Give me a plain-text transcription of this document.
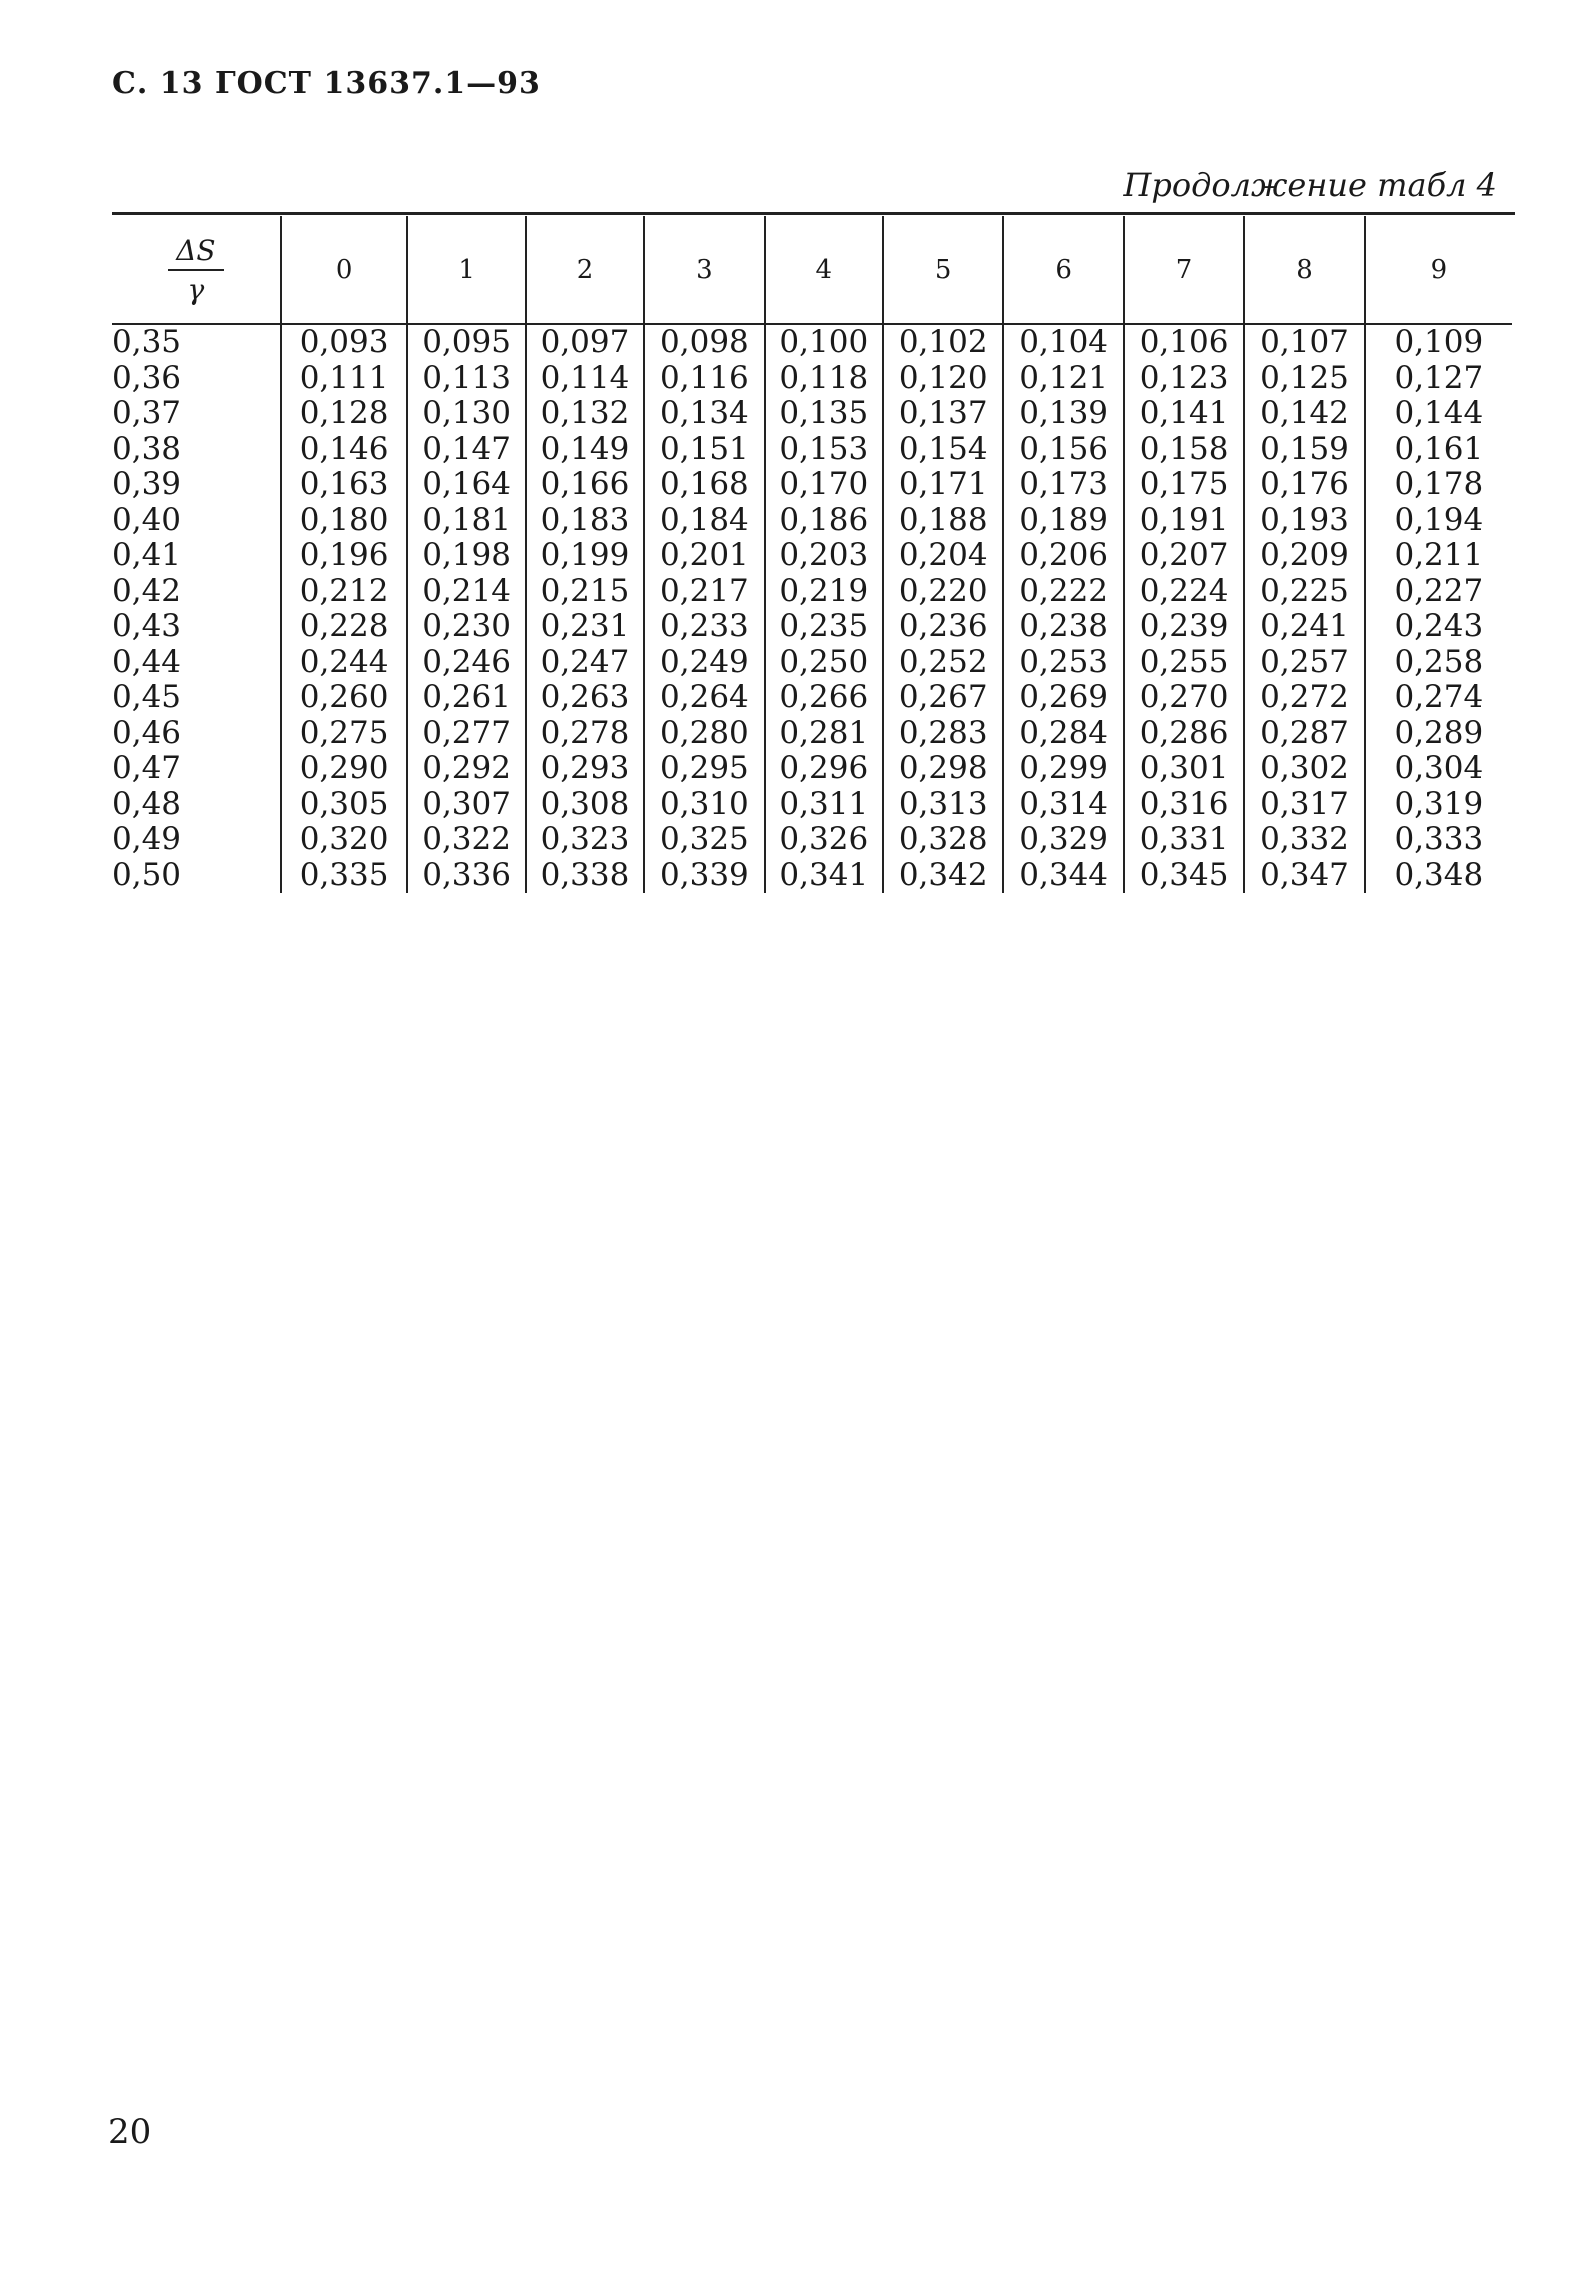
С. 13 ГОСТ 13637.1—93
Продолжение табл 4
$\frac{\Delta S}{\gamma}$	0	1	2	3	4	5	6	7	8	9
0,35	0,093	0,095	0,097	0,098	0,100	0,102	0,104	0,106	0,107	0,109
0,36	0,111	0,113	0,114	0,116	0,118	0,120	0,121	0,123	0,125	0,127
0,37	0,128	0,130	0,132	0,134	0,135	0,137	0,139	0,141	0,142	0,144
0,38	0,146	0,147	0,149	0,151	0,153	0,154	0,156	0,158	0,159	0,161
0,39	0,163	0,164	0,166	0,168	0,170	0,171	0,173	0,175	0,176	0,178
0,40	0,180	0,181	0,183	0,184	0,186	0,188	0,189	0,191	0,193	0,194
0,41	0,196	0,198	0,199	0,201	0,203	0,204	0,206	0,207	0,209	0,211
0,42	0,212	0,214	0,215	0,217	0,219	0,220	0,222	0,224	0,225	0,227
0,43	0,228	0,230	0,231	0,233	0,235	0,236	0,238	0,239	0,241	0,243
0,44	0,244	0,246	0,247	0,249	0,250	0,252	0,253	0,255	0,257	0,258
0,45	0,260	0,261	0,263	0,264	0,266	0,267	0,269	0,270	0,272	0,274
0,46	0,275	0,277	0,278	0,280	0,281	0,283	0,284	0,286	0,287	0,289
0,47	0,290	0,292	0,293	0,295	0,296	0,298	0,299	0,301	0,302	0,304
0,48	0,305	0,307	0,308	0,310	0,311	0,313	0,314	0,316	0,317	0,319
0,49	0,320	0,322	0,323	0,325	0,326	0,328	0,329	0,331	0,332	0,333
0,50	0,335	0,336	0,338	0,339	0,341	0,342	0,344	0,345	0,347	0,348
20
